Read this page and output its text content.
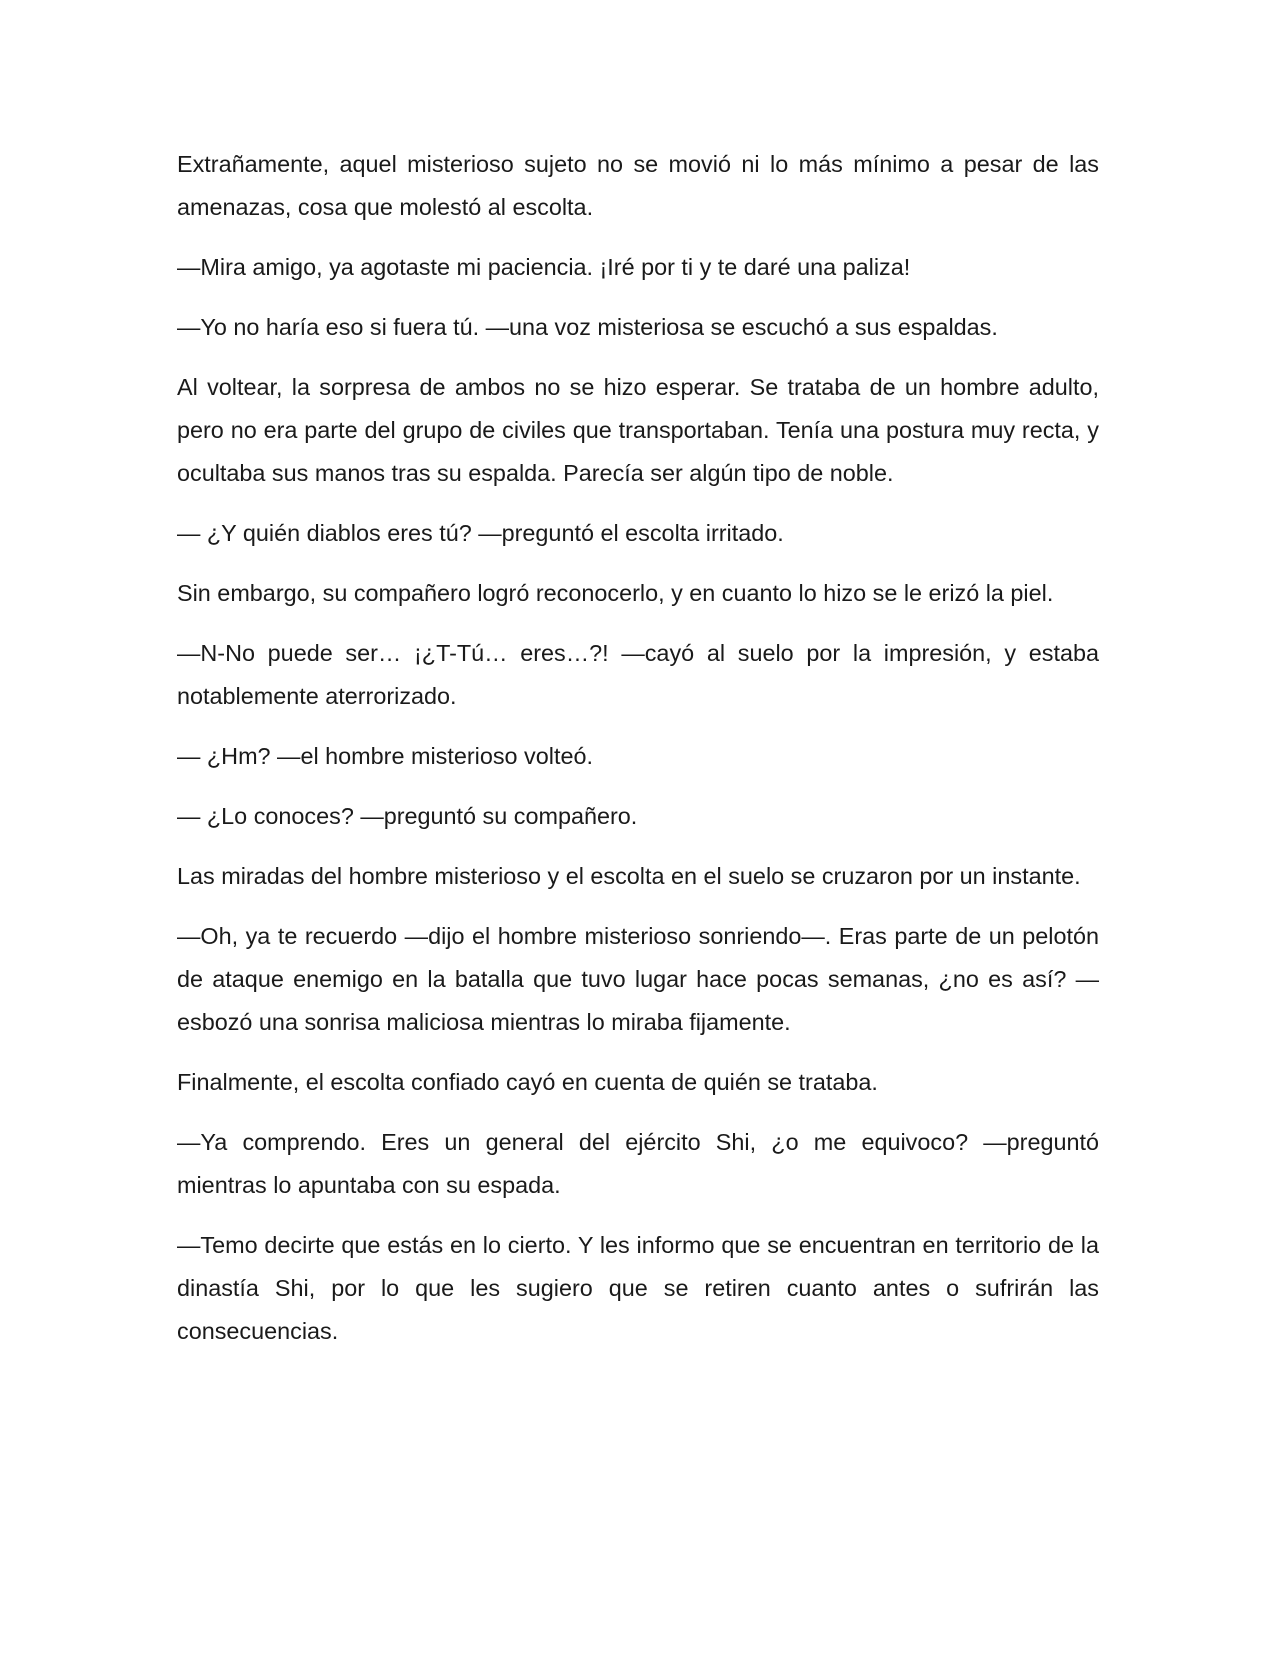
Extrañamente, aquel misterioso sujeto no se movió ni lo más mínimo a pesar de las amenazas, cosa que molestó al escolta.

—Mira amigo, ya agotaste mi paciencia. ¡Iré por ti y te daré una paliza!

—Yo no haría eso si fuera tú. —una voz misteriosa se escuchó a sus espaldas.

Al voltear, la sorpresa de ambos no se hizo esperar. Se trataba de un hombre adulto, pero no era parte del grupo de civiles que transportaban. Tenía una postura muy recta, y ocultaba sus manos tras su espalda. Parecía ser algún tipo de noble.

— ¿Y quién diablos eres tú? —preguntó el escolta irritado.

Sin embargo, su compañero logró reconocerlo, y en cuanto lo hizo se le erizó la piel.

—N-No puede ser… ¡¿T-Tú… eres…?! —cayó al suelo por la impresión, y estaba notablemente aterrorizado.

— ¿Hm? —el hombre misterioso volteó.

— ¿Lo conoces? —preguntó su compañero.

Las miradas del hombre misterioso y el escolta en el suelo se cruzaron por un instante.

—Oh, ya te recuerdo —dijo el hombre misterioso sonriendo—. Eras parte de un pelotón de ataque enemigo en la batalla que tuvo lugar hace pocas semanas, ¿no es así? —esbozó una sonrisa maliciosa mientras lo miraba fijamente.

Finalmente, el escolta confiado cayó en cuenta de quién se trataba.

—Ya comprendo. Eres un general del ejército Shi, ¿o me equivoco? —preguntó mientras lo apuntaba con su espada.

—Temo decirte que estás en lo cierto. Y les informo que se encuentran en territorio de la dinastía Shi, por lo que les sugiero que se retiren cuanto antes o sufrirán las consecuencias.
